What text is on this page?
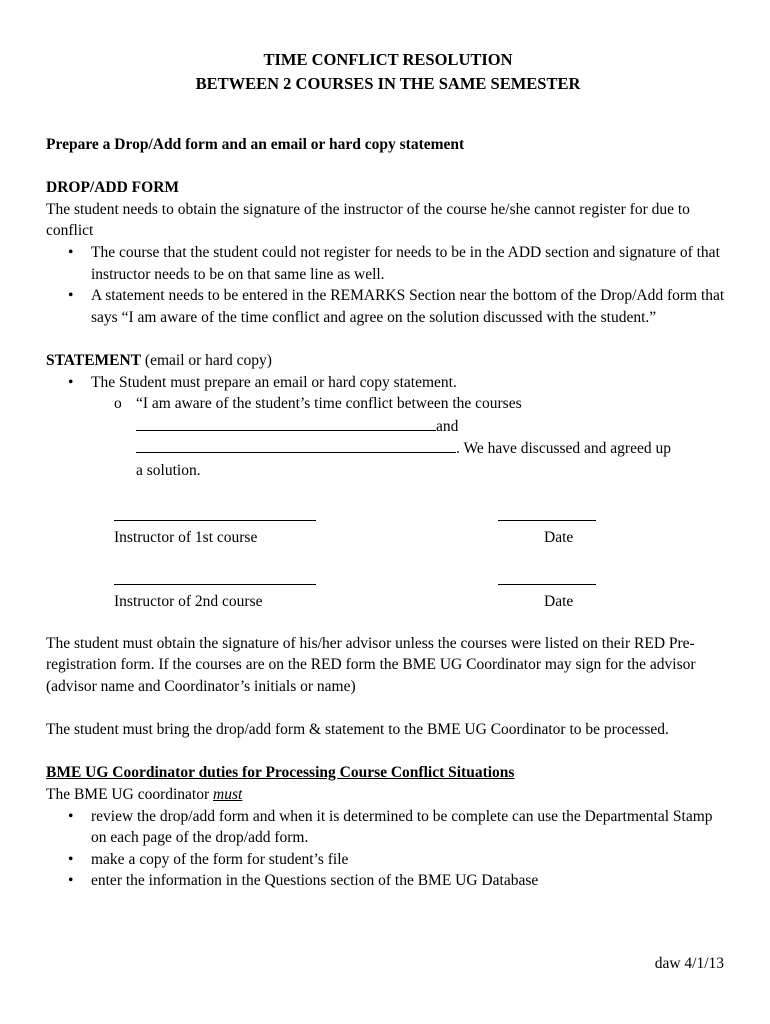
TIME CONFLICT RESOLUTION

BETWEEN 2 COURSES IN THE SAME SEMESTER

Prepare a Drop/Add form and an email or hard copy statement

DROP/ADD FORM

The student needs to obtain the signature of the instructor of the course he/she cannot register for due to conflict

• The course that the student could not register for needs to be in the ADD section and signature of that instructor needs to be on that same line as well.
• A statement needs to be entered in the REMARKS Section near the bottom of the Drop/Add form that says “I am aware of the time conflict and agree on the solution discussed with the student.”

STATEMENT (email or hard copy)

• The Student must prepare an email or hard copy statement.
o “I am aware of the student’s time conflict between the courses
and
. We have discussed and agreed up
a solution.
Instructor of 1st course	Date
Instructor of 2nd course	Date

The student must obtain the signature of his/her advisor unless the courses were listed on their RED Pre-registration form. If the courses are on the RED form the BME UG Coordinator may sign for the advisor (advisor name and Coordinator’s initials or name)

The student must bring the drop/add form & statement to the BME UG Coordinator to be processed.

BME UG Coordinator duties for Processing Course Conflict Situations

The BME UG coordinator must

• review the drop/add form and when it is determined to be complete can use the Departmental Stamp on each page of the drop/add form.
• make a copy of the form for student’s file
• enter the information in the Questions section of the BME UG Database
daw 4/1/13
